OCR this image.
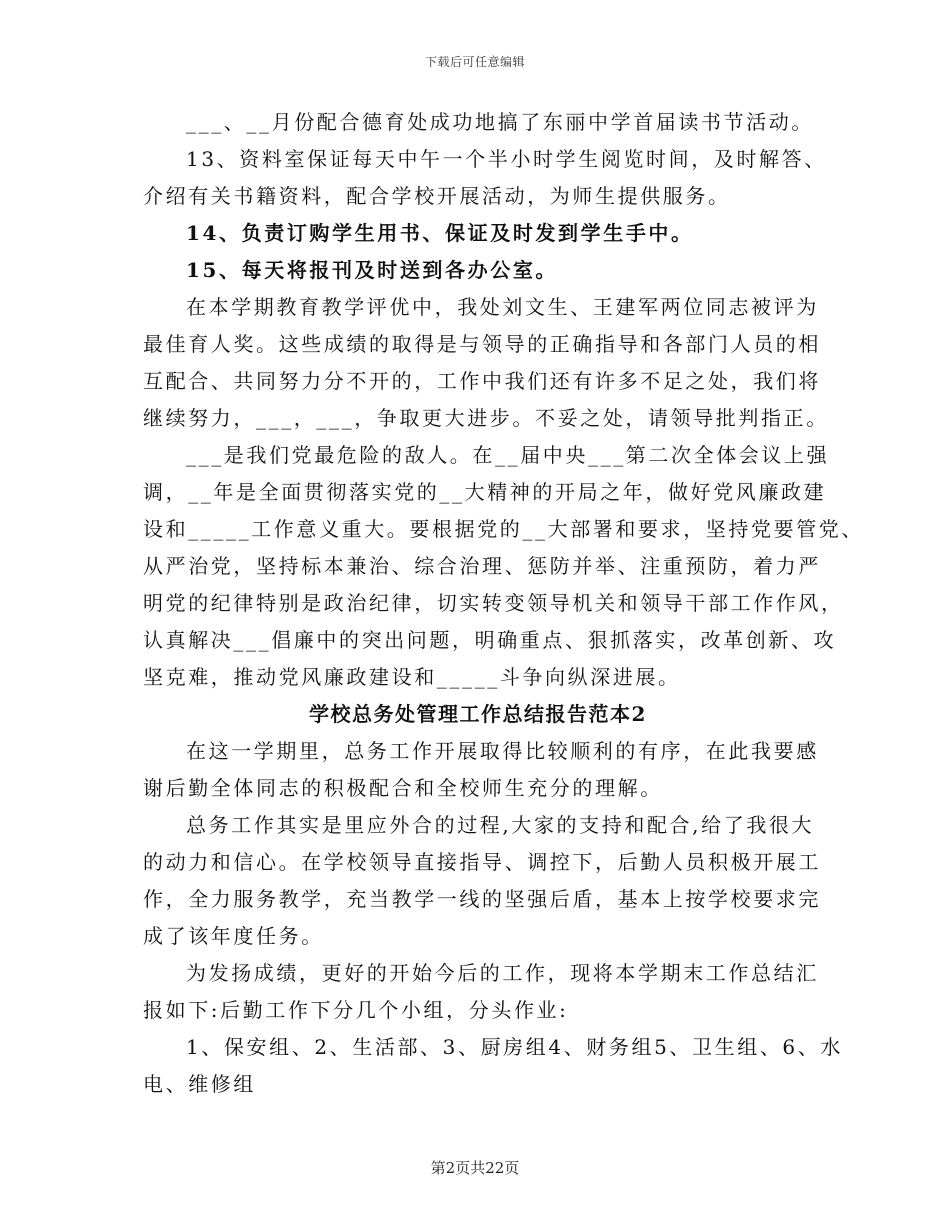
下载后可任意编辑
___、__月份配合德育处成功地搞了东丽中学首届读书节活动。
13、资料室保证每天中午一个半小时学生阅览时间，及时解答、
介绍有关书籍资料，配合学校开展活动，为师生提供服务。
14、负责订购学生用书、保证及时发到学生手中。
15、每天将报刊及时送到各办公室。
在本学期教育教学评优中，我处刘文生、王建军两位同志被评为
最佳育人奖。这些成绩的取得是与领导的正确指导和各部门人员的相
互配合、共同努力分不开的，工作中我们还有许多不足之处，我们将
继续努力，___，___，争取更大进步。不妥之处，请领导批判指正。
___是我们党最危险的敌人。在__届中央___第二次全体会议上强
调，__年是全面贯彻落实党的__大精神的开局之年，做好党风廉政建
设和_____工作意义重大。要根据党的__大部署和要求，坚持党要管党、
从严治党，坚持标本兼治、综合治理、惩防并举、注重预防，着力严
明党的纪律特别是政治纪律，切实转变领导机关和领导干部工作作风，
认真解决___倡廉中的突出问题，明确重点、狠抓落实，改革创新、攻
坚克难，推动党风廉政建设和_____斗争向纵深进展。
学校总务处管理工作总结报告范本2
在这一学期里，总务工作开展取得比较顺利的有序，在此我要感
谢后勤全体同志的积极配合和全校师生充分的理解。
总务工作其实是里应外合的过程,大家的支持和配合,给了我很大
的动力和信心。在学校领导直接指导、调控下，后勤人员积极开展工
作，全力服务教学，充当教学一线的坚强后盾，基本上按学校要求完
成了该年度任务。
为发扬成绩，更好的开始今后的工作，现将本学期末工作总结汇
报如下:后勤工作下分几个小组，分头作业:
1、保安组、2、生活部、3、厨房组4、财务组5、卫生组、6、水
电、维修组
第2页共22页
